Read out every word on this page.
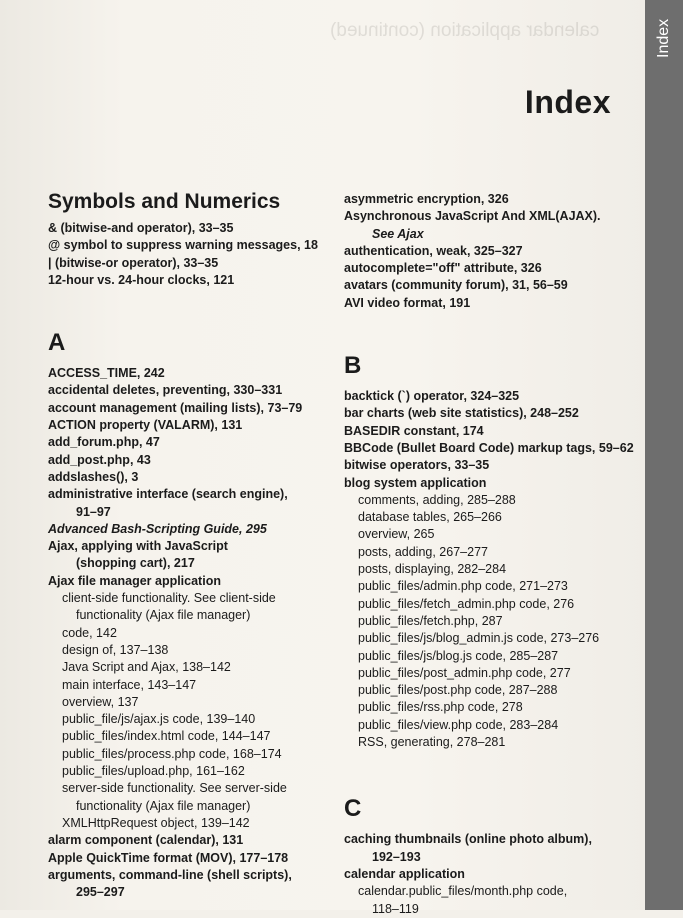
calendar application (continued)	Index
Index
Symbols and Numerics

& (bitwise-and operator), 33–35

@ symbol to suppress warning messages, 18

| (bitwise-or operator), 33–35

12-hour vs. 24-hour clocks, 121

A

ACCESS_TIME, 242

accidental deletes, preventing, 330–331

account management (mailing lists), 73–79

ACTION property (VALARM), 131

add_forum.php, 47

add_post.php, 43

addslashes(), 3

administrative interface (search engine),
91–97

Advanced Bash-Scripting Guide, 295

Ajax, applying with JavaScript
(shopping cart), 217

Ajax file manager application

client-side functionality. See client-side
functionality (Ajax file manager)

code, 142

design of, 137–138

Java Script and Ajax, 138–142

main interface, 143–147

overview, 137

public_file/js/ajax.js code, 139–140

public_files/index.html code, 144–147

public_files/process.php code, 168–174

public_files/upload.php, 161–162

server-side functionality. See server-side
functionality (Ajax file manager)

XMLHttpRequest object, 139–142

alarm component (calendar), 131

Apple QuickTime format (MOV), 177–178

arguments, command-line (shell scripts),
295–297

asymmetric encryption, 326

Asynchronous JavaScript And XML(AJAX).

See Ajax

authentication, weak, 325–327

autocomplete="off" attribute, 326

avatars (community forum), 31, 56–59

AVI video format, 191

B

backtick (`) operator, 324–325

bar charts (web site statistics), 248–252

BASEDIR constant, 174

BBCode (Bullet Board Code) markup tags, 59–62

bitwise operators, 33–35

blog system application

comments, adding, 285–288

database tables, 265–266

overview, 265

posts, adding, 267–277

posts, displaying, 282–284

public_files/admin.php code, 271–273

public_files/fetch_admin.php code, 276

public_files/fetch.php, 287

public_files/js/blog_admin.js code, 273–276

public_files/js/blog.js code, 285–287

public_files/post_admin.php code, 277

public_files/post.php code, 287–288

public_files/rss.php code, 278

public_files/view.php code, 283–284

RSS, generating, 278–281

C

caching thumbnails (online photo album),
192–193

calendar application

calendar.public_files/month.php code,
118–119
